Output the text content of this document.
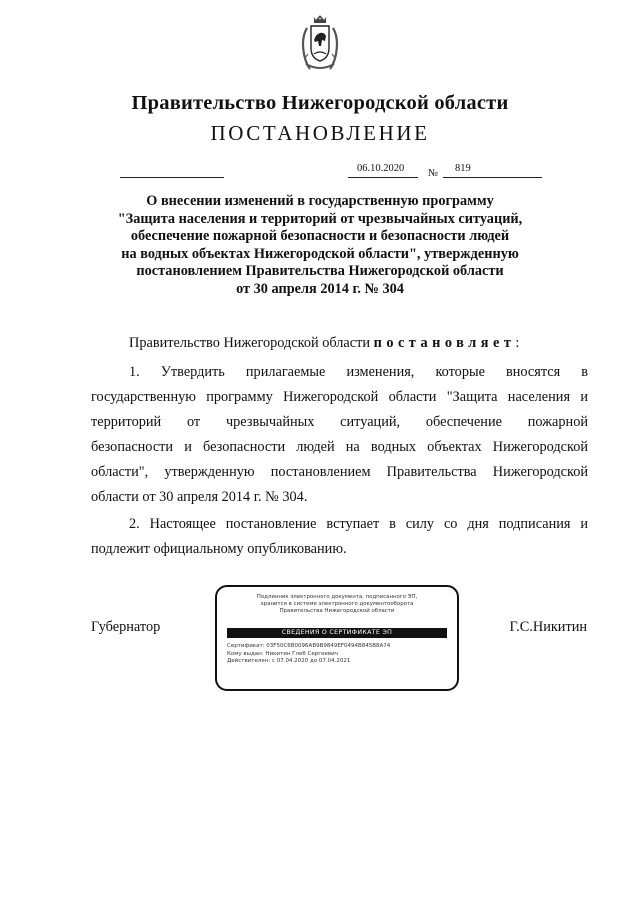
Правительство Нижегородской области
ПОСТАНОВЛЕНИЕ
06.10.2020 № 819
О внесении изменений в государственную программу
"Защита населения и территорий от чрезвычайных ситуаций,
обеспечение пожарной безопасности и безопасности людей
на водных объектах Нижегородской области", утвержденную
постановлением Правительства Нижегородской области
от 30 апреля 2014 г. № 304
Правительство Нижегородской области постановляет:
1. Утвердить прилагаемые изменения, которые вносятся в
государственную программу Нижегородской области "Защита населения и
территорий от чрезвычайных ситуаций, обеспечение пожарной
безопасности и безопасности людей на водных объектах Нижегородской
области", утвержденную постановлением Правительства Нижегородской
области от 30 апреля 2014 г. № 304.
2. Настоящее постановление вступает в силу со дня подписания и
подлежит официальному опубликованию.
Губернатор	Г.С.Никитин
Подлинник электронного документа, подписанного ЭП,
хранится в системе электронного документооборота
Правительства Нижегородской области
СВЕДЕНИЯ О СЕРТИФИКАТЕ ЭП
Сертификат: 03F50C6B0096AB9B9849EF0494B845B8A74
Кому выдан: Никитин Глеб Сергеевич
Действителен: с 07.04.2020 до 07.04.2021
